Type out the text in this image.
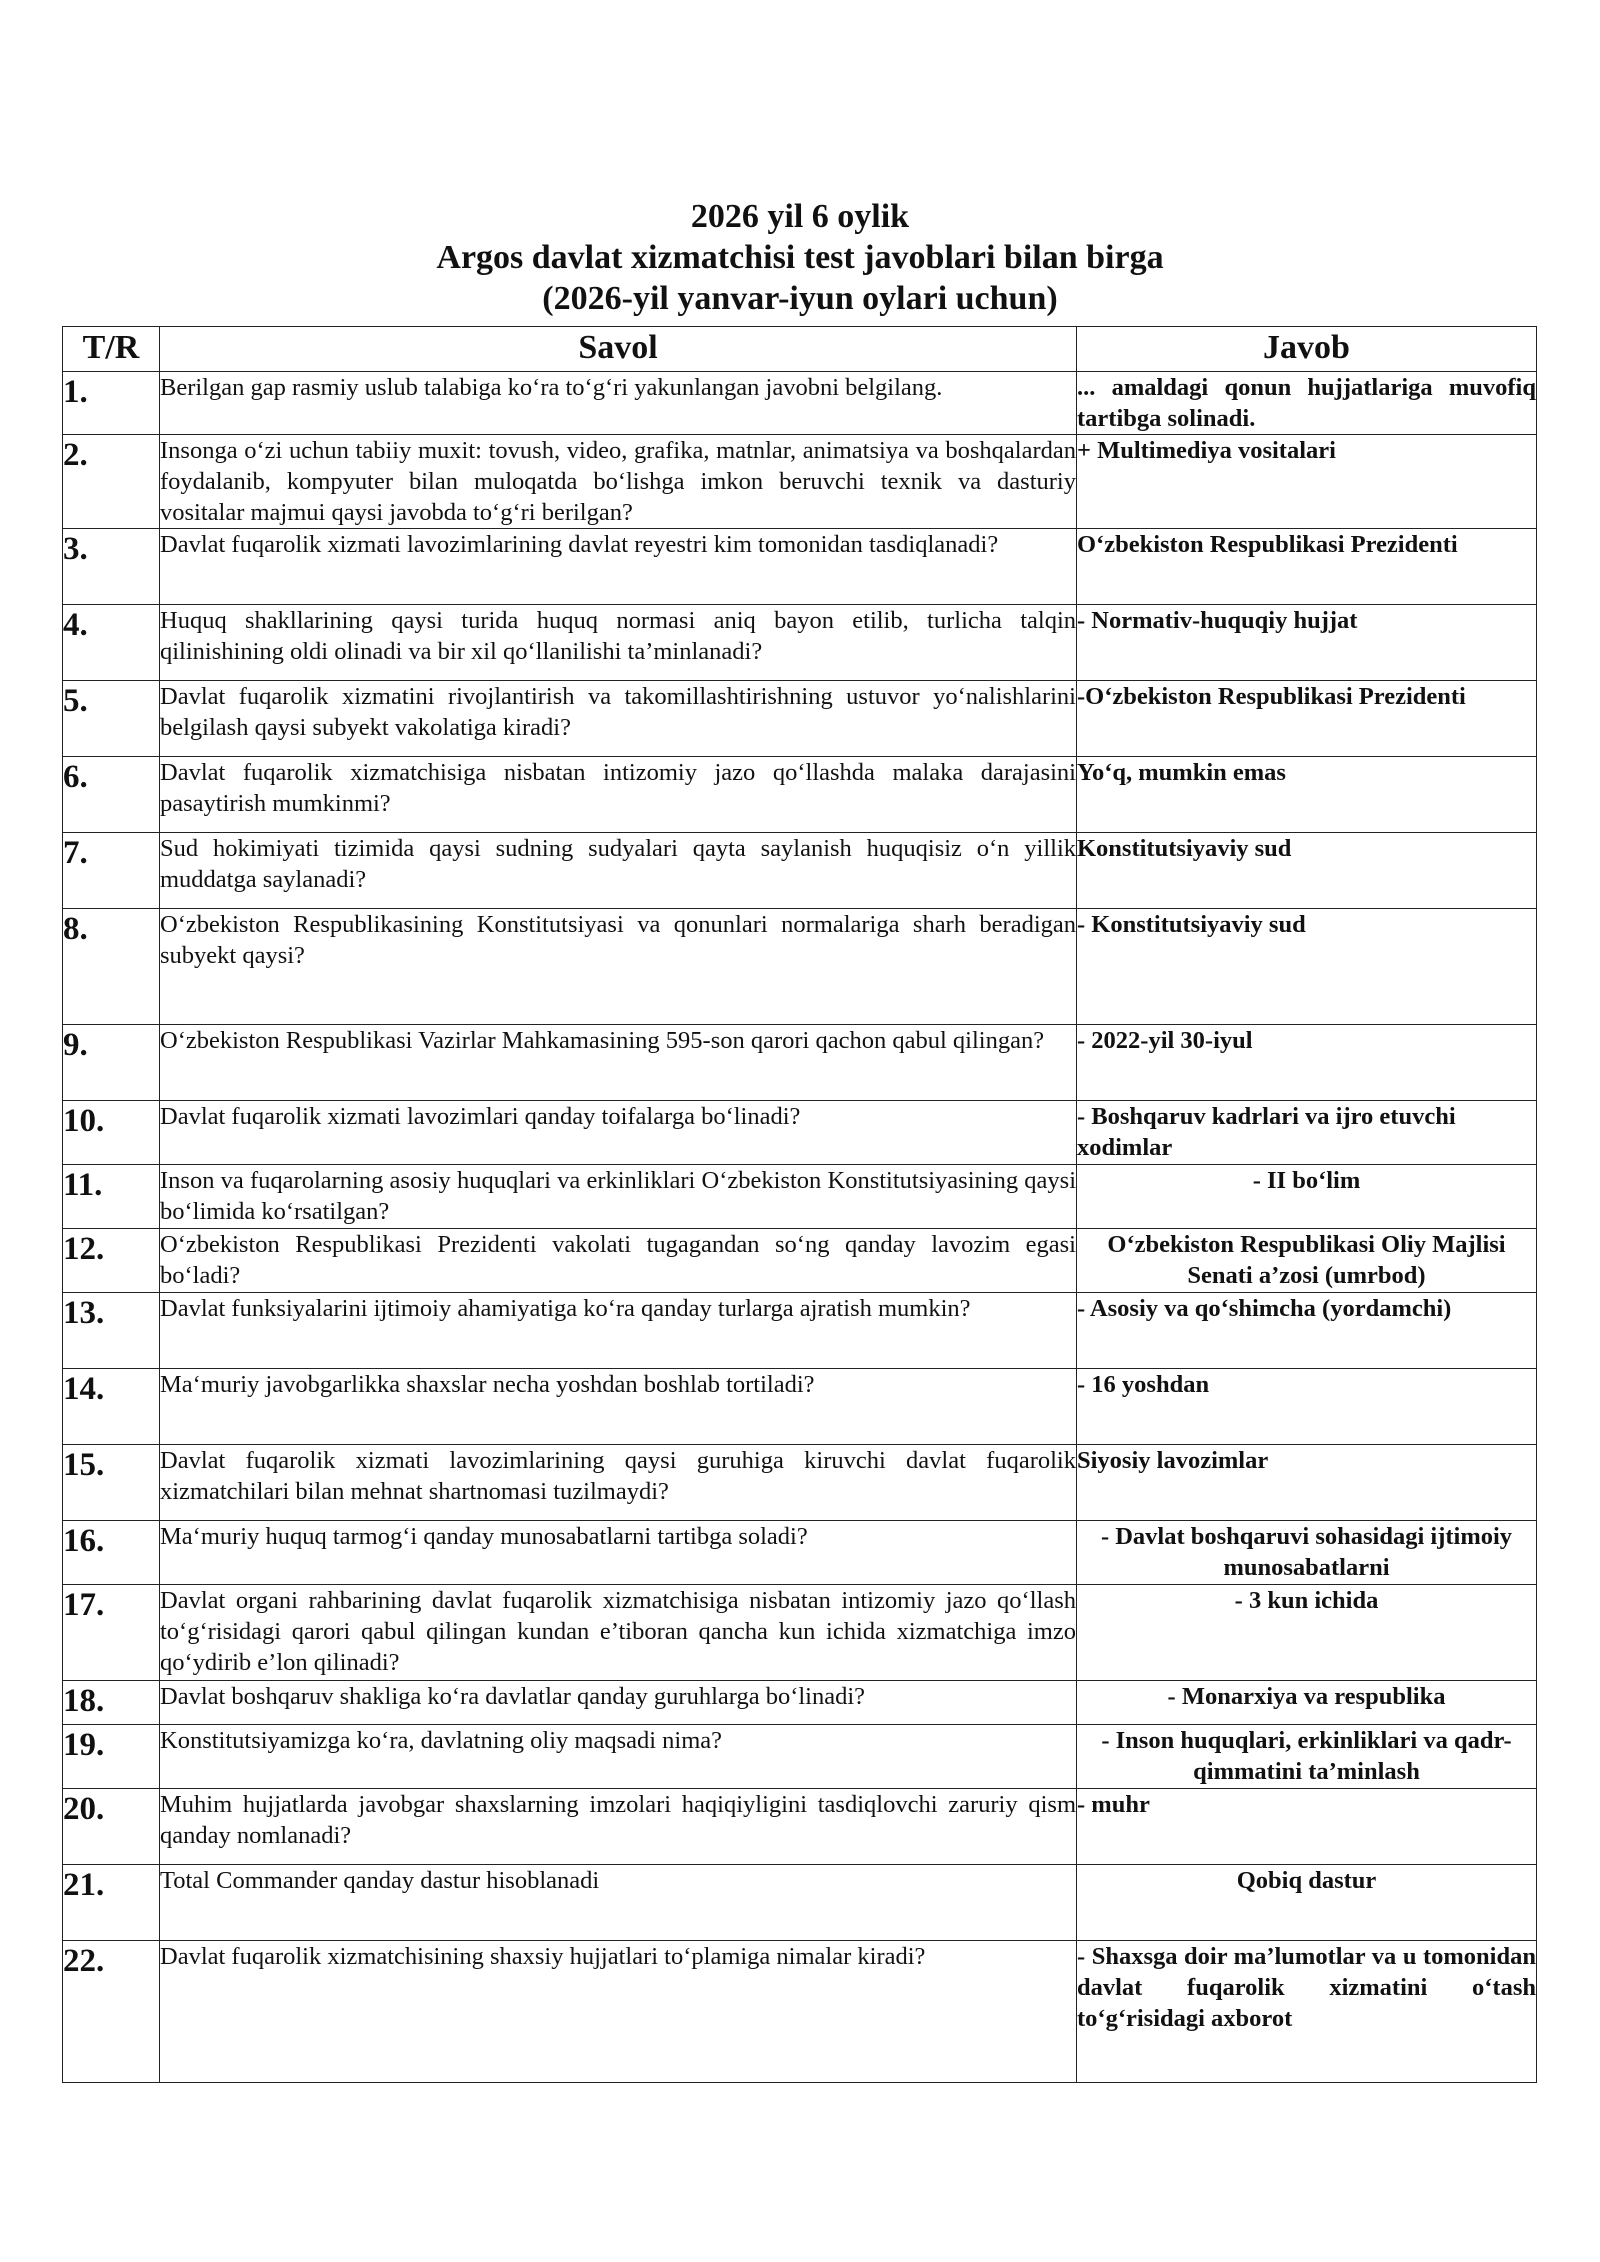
2026 yil 6 oylik
Argos davlat xizmatchisi test javoblari bilan birga
(2026-yil yanvar-iyun oylari uchun)
T/R	Savol	Javob
1.	Berilgan gap rasmiy uslub talabiga ko‘ra to‘g‘ri yakunlangan javobni belgilang.	... amaldagi qonun hujjatlariga muvofiq tartibga solinadi.
2.	Insonga o‘zi uchun tabiiy muxit: tovush, video, grafika, matnlar, animatsiya va boshqalardan foydalanib, kompyuter bilan muloqatda bo‘lishga imkon beruvchi texnik va dasturiy vositalar majmui qaysi javobda to‘g‘ri berilgan?	+ Multimediya vositalari
3.	Davlat fuqarolik xizmati lavozimlarining davlat reyestri kim tomonidan tasdiqlanadi?	O‘zbekiston Respublikasi Prezidenti
4.	Huquq shakllarining qaysi turida huquq normasi aniq bayon etilib, turlicha talqin qilinishining oldi olinadi va bir xil qo‘llanilishi ta’minlanadi?	- Normativ-huquqiy hujjat
5.	Davlat fuqarolik xizmatini rivojlantirish va takomillashtirishning ustuvor yo‘nalishlarini belgilash qaysi subyekt vakolatiga kiradi?	-O‘zbekiston Respublikasi Prezidenti
6.	Davlat fuqarolik xizmatchisiga nisbatan intizomiy jazo qo‘llashda malaka darajasini pasaytirish mumkinmi?	Yo‘q, mumkin emas
7.	Sud hokimiyati tizimida qaysi sudning sudyalari qayta saylanish huquqisiz o‘n yillik muddatga saylanadi?	Konstitutsiyaviy sud
8.	O‘zbekiston Respublikasining Konstitutsiyasi va qonunlari normalariga sharh beradigan subyekt qaysi?	- Konstitutsiyaviy sud
9.	O‘zbekiston Respublikasi Vazirlar Mahkamasining 595-son qarori qachon qabul qilingan?	- 2022-yil 30-iyul
10.	Davlat fuqarolik xizmati lavozimlari qanday toifalarga bo‘linadi?	- Boshqaruv kadrlari va ijro etuvchi xodimlar
11.	Inson va fuqarolarning asosiy huquqlari va erkinliklari O‘zbekiston Konstitutsiyasining qaysi bo‘limida ko‘rsatilgan?	- II bo‘lim
12.	O‘zbekiston Respublikasi Prezidenti vakolati tugagandan so‘ng qanday lavozim egasi bo‘ladi?	O‘zbekiston Respublikasi Oliy Majlisi Senati a’zosi (umrbod)
13.	Davlat funksiyalarini ijtimoiy ahamiyatiga ko‘ra qanday turlarga ajratish mumkin?	- Asosiy va qo‘shimcha (yordamchi)
14.	Ma‘muriy javobgarlikka shaxslar necha yoshdan boshlab tortiladi?	- 16 yoshdan
15.	Davlat fuqarolik xizmati lavozimlarining qaysi guruhiga kiruvchi davlat fuqarolik xizmatchilari bilan mehnat shartnomasi tuzilmaydi?	Siyosiy lavozimlar
16.	Ma‘muriy huquq tarmog‘i qanday munosabatlarni tartibga soladi?	- Davlat boshqaruvi sohasidagi ijtimoiy munosabatlarni
17.	Davlat organi rahbarining davlat fuqarolik xizmatchisiga nisbatan intizomiy jazo qo‘llash to‘g‘risidagi qarori qabul qilingan kundan e’tiboran qancha kun ichida xizmatchiga imzo qo‘ydirib e’lon qilinadi?	- 3 kun ichida
18.	Davlat boshqaruv shakliga ko‘ra davlatlar qanday guruhlarga bo‘linadi?	- Monarxiya va respublika
19.	Konstitutsiyamizga ko‘ra, davlatning oliy maqsadi nima?	- Inson huquqlari, erkinliklari va qadr-qimmatini ta’minlash
20.	Muhim hujjatlarda javobgar shaxslarning imzolari haqiqiyligini tasdiqlovchi zaruriy qism qanday nomlanadi?	- muhr
21.	Total Commander qanday dastur hisoblanadi	Qobiq dastur
22.	Davlat fuqarolik xizmatchisining shaxsiy hujjatlari to‘plamiga nimalar kiradi?	- Shaxsga doir ma’lumotlar va u tomonidan davlat fuqarolik xizmatini o‘tash to‘g‘risidagi axborot
